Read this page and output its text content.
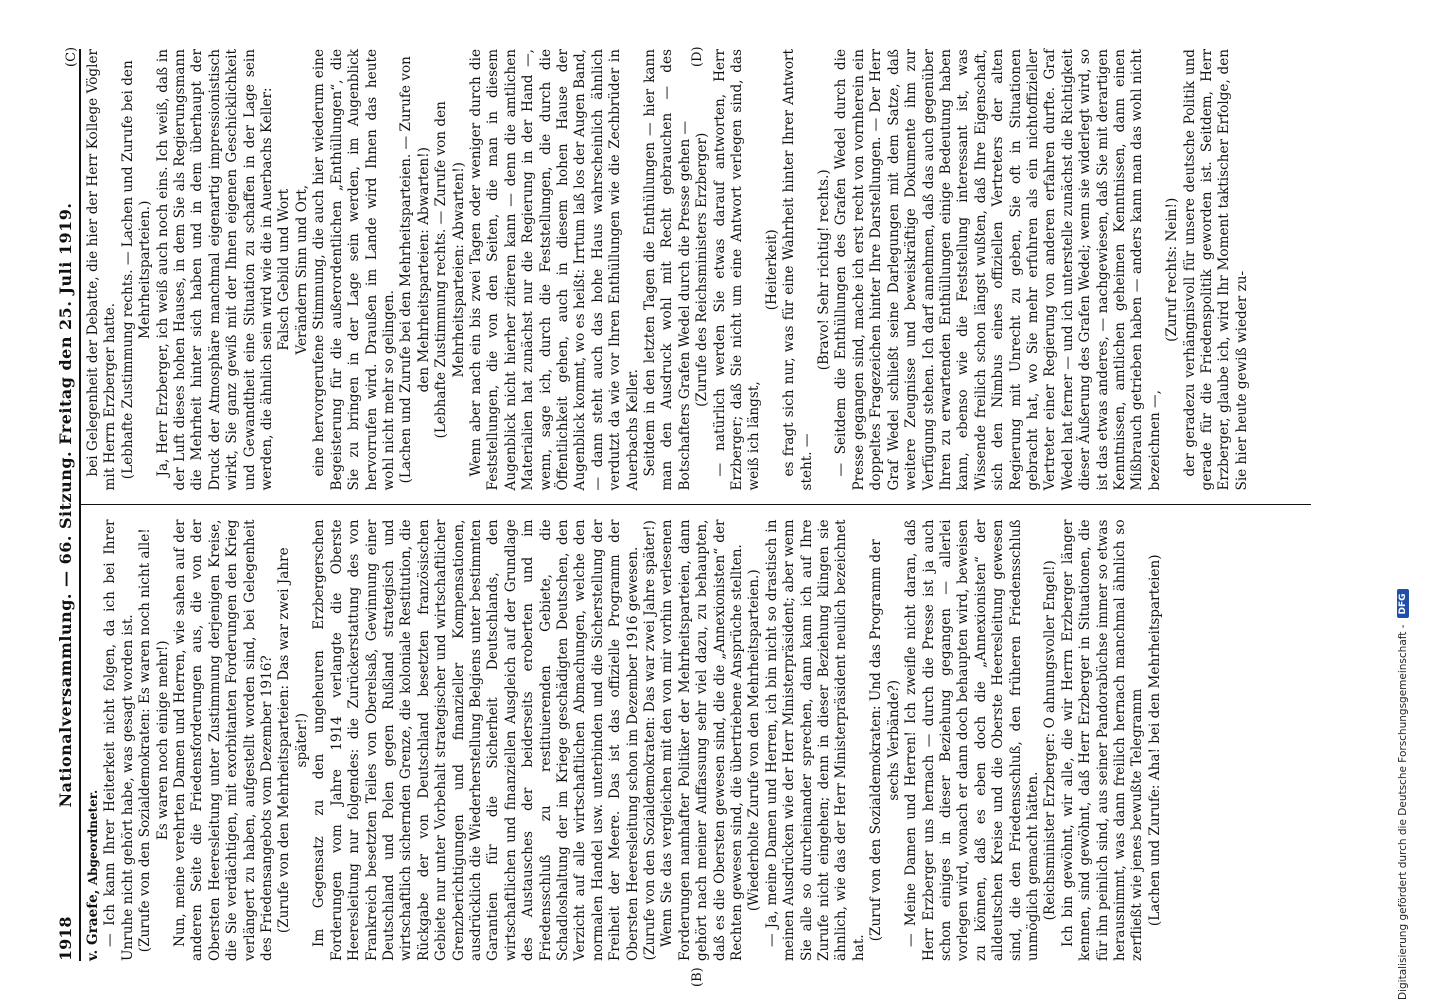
1918
Nationalversammlung. — 66. Sitzung. Freitag den 25. Juli 1919.

v. Graefe, Abgeordneter. — Ich kann Ihrer Heiterkeit nicht folgen, da ich bei Ihrer Unruhe nicht gehört habe, was gesagt worden ist. (Zurufe von den Sozialdemokraten: Es waren noch nicht alle! Es waren noch einige mehr!) Nun, meine verehrten Damen und Herren, wie sahen auf der anderen Seite die Friedensforderungen aus, die von der Obersten Heeresleitung unter Zustimmung derjenigen Kreise, die Sie verdächtigen, mit exorbitanten Forderungen den Krieg verlängert zu haben, aufgestellt worden sind, bei Gelegenheit des Friedensangebots vom Dezember 1916? (Zurufe von den Mehrheitsparteien: Das war zwei Jahre später!) Im Gegensatz zu den ungeheuren Erzbergerschen Forderungen vom Jahre 1914 verlangte die Oberste Heeresleitung nur folgendes: die Zurückerstattung des von Frankreich besetzten Teiles von Oberelsaß, Gewinnung einer Deutschland und Polen gegen Rußland strategisch und wirtschaftlich sichernden Grenze, die koloniale Restitution, die Rückgabe der von Deutschland besetzten französischen Gebiete nur unter Vorbehalt strategischer und wirtschaftlicher Grenzberichtigungen und finanzieller Kompensationen, ausdrücklich die Wiederherstellung Belgiens unter bestimmten Garantien für die Sicherheit Deutschlands, den wirtschaftlichen und finanziellen Ausgleich auf der Grundlage des Austausches der beiderseits eroberten und im Friedensschluß zu restituierenden Gebiete, die Schadloshaltung der im Kriege geschädigten Deutschen, den Verzicht auf alle wirtschaftlichen Abmachungen, welche den normalen Handel usw. unterbinden und die Sicherstellung der Freiheit der Meere. Das ist das offizielle Programm der Obersten Heeresleitung schon im Dezember 1916 gewesen. (Zurufe von den Sozialdemokraten: Das war zwei Jahre später!) Wenn Sie das vergleichen mit den von mir vorhin verlesenen Forderungen namhafter Politiker der Mehrheitsparteien, dann gehört nach meiner Auffassung sehr viel dazu, zu behaupten, daß es die Obersten gewesen sind, die die „Annexionisten“ der Rechten gewesen sind, die übertriebene Ansprüche stellten. (Wiederholte Zurufe von den Mehrheitsparteien.) — Ja, meine Damen und Herren, ich bin nicht so drastisch in meinen Ausdrücken wie der Herr Ministerpräsident; aber wenn Sie alle so durcheinander sprechen, dann kann ich auf Ihre Zurufe nicht eingehen; denn in dieser Beziehung klingen sie ähnlich, wie das der Herr Ministerpräsident neulich bezeichnet hat.

(Zuruf von den Sozialdemokraten: Und das Programm der sechs Verbände?) — Meine Damen und Herren! Ich zweifle nicht daran, daß Herr Erzberger uns hernach — durch die Presse ist ja auch schon einiges in dieser Beziehung gegangen — allerlei vorlegen wird, wonach er dann doch behaupten wird, beweisen zu können, daß es eben doch die „Annexionisten“ der alldeutschen Kreise und die Oberste Heeresleitung gewesen sind, die den Friedensschluß, den früheren Friedensschluß unmöglich gemacht hätten. (Reichsminister Erzberger: O ahnungsvoller Engel!) Ich bin gewöhnt, wir alle, die wir Herrn Erzberger länger kennen, sind gewöhnt, daß Herr Erzberger in Situationen, die für ihn peinlich sind, aus seiner Pandorabüchse immer so etwas herausnimmt, was dann freilich hernach manchmal ähnlich so zerfließt wie jenes bewußte Telegramm (Lachen und Zurufe: Aha! bei den Mehrheitsparteien)

bei Gelegenheit der Debatte, die hier der Herr Kollege Vögler mit Herrn Erzberger hatte. (Lebhafte Zustimmung rechts. — Lachen und Zurufe bei den Mehrheitsparteien.) Ja, Herr Erzberger, ich weiß auch noch eins. Ich weiß, daß in der Luft dieses hohen Hauses, in dem Sie als Regierungsmann die Mehrheit hinter sich haben und in dem überhaupt der Druck der Atmosphäre manchmal eigenartig impressionistisch wirkt, Sie ganz gewiß mit der Ihnen eigenen Geschicklichkeit und Gewandtheit eine Situation zu schaffen in der Lage sein werden, die ähnlich sein wird wie die in Auerbachs Keller: Falsch Gebild und Wort Verändern Sinn und Ort, eine hervorgerufene Stimmung, die auch hier wiederum eine Begeisterung für die außerordentlichen „Enthüllungen“, die Sie zu bringen in der Lage sein werden, im Augenblick hervorrufen wird. Draußen im Lande wird Ihnen das heute wohl nicht mehr so gelingen. (Lachen und Zurufe bei den Mehrheitsparteien. — Zurufe von den Mehrheitsparteien: Abwarten!) (Lebhafte Zustimmung rechts. — Zurufe von den Mehrheitsparteien: Abwarten!) Wenn aber nach ein bis zwei Tagen oder weniger durch die Feststellungen, die von den Seiten, die man in diesem Augenblick nicht hierher zitieren kann — denn die amtlichen Materialien hat zunächst nur die Regierung in der Hand —, wenn, sage ich, durch die Feststellungen, die durch die Öffentlichkeit gehen, auch in diesem hohen Hause der Augenblick kommt, wo es heißt: Irrtum laß los der Augen Band, — dann steht auch das hohe Haus wahrscheinlich ähnlich verdutzt da wie vor Ihren Enthüllungen wie die Zechbrüder in Auerbachs Keller. Seitdem in den letzten Tagen die Enthüllungen — hier kann man den Ausdruck wohl mit Recht gebrauchen — des Botschafters Grafen Wedel durch die Presse gehen — (Zurufe des Reichsministers Erzberger) — natürlich werden Sie etwas darauf antworten, Herr Erzberger; daß Sie nicht um eine Antwort verlegen sind, das weiß ich längst,

(Heiterkeit) es fragt sich nur, was für eine Wahrheit hinter Ihrer Antwort steht. —

(Bravo! Sehr richtig! rechts.) — Seitdem die Enthüllungen des Grafen Wedel durch die Presse gegangen sind, mache ich erst recht von vornherein ein doppeltes Fragezeichen hinter Ihre Darstellungen. — Der Herr Graf Wedel schließt seine Darlegungen mit dem Satze, daß weitere Zeugnisse und beweiskräftige Dokumente ihm zur Verfügung stehen. Ich darf annehmen, daß das auch gegenüber Ihren zu erwartenden Enthüllungen einige Bedeutung haben kann, ebenso wie die Feststellung interessant ist, was Wissende freilich schon längst wußten, daß Ihre Eigenschaft, sich den Nimbus eines offiziellen Vertreters der alten Regierung mit Unrecht zu geben, Sie oft in Situationen gebracht hat, wo Sie mehr erfuhren als ein nichtoffizieller Vertreter einer Regierung von anderen erfahren durfte. Graf Wedel hat ferner — und ich unterstelle zunächst die Richtigkeit dieser Äußerung des Grafen Wedel; wenn sie widerlegt wird, so ist das etwas anderes, — nachgewiesen, daß Sie mit derartigen Kenntnissen, amtlichen geheimen Kenntnissen, dann einen Mißbrauch getrieben haben — anders kann man das wohl nicht bezeichnen —,

(Zuruf rechts: Nein!) der geradezu verhängnisvoll für unsere deutsche Politik und gerade für die Friedenspolitik geworden ist. Seitdem, Herr Erzberger, glaube ich, wird Ihr Moment taktischer Erfolge, den Sie hier heute gewiß wieder zu-

(B)
(C)	(D)
Digitalisierung gefördert durch die Deutsche Forschungsgemeinschaft -
DFG
